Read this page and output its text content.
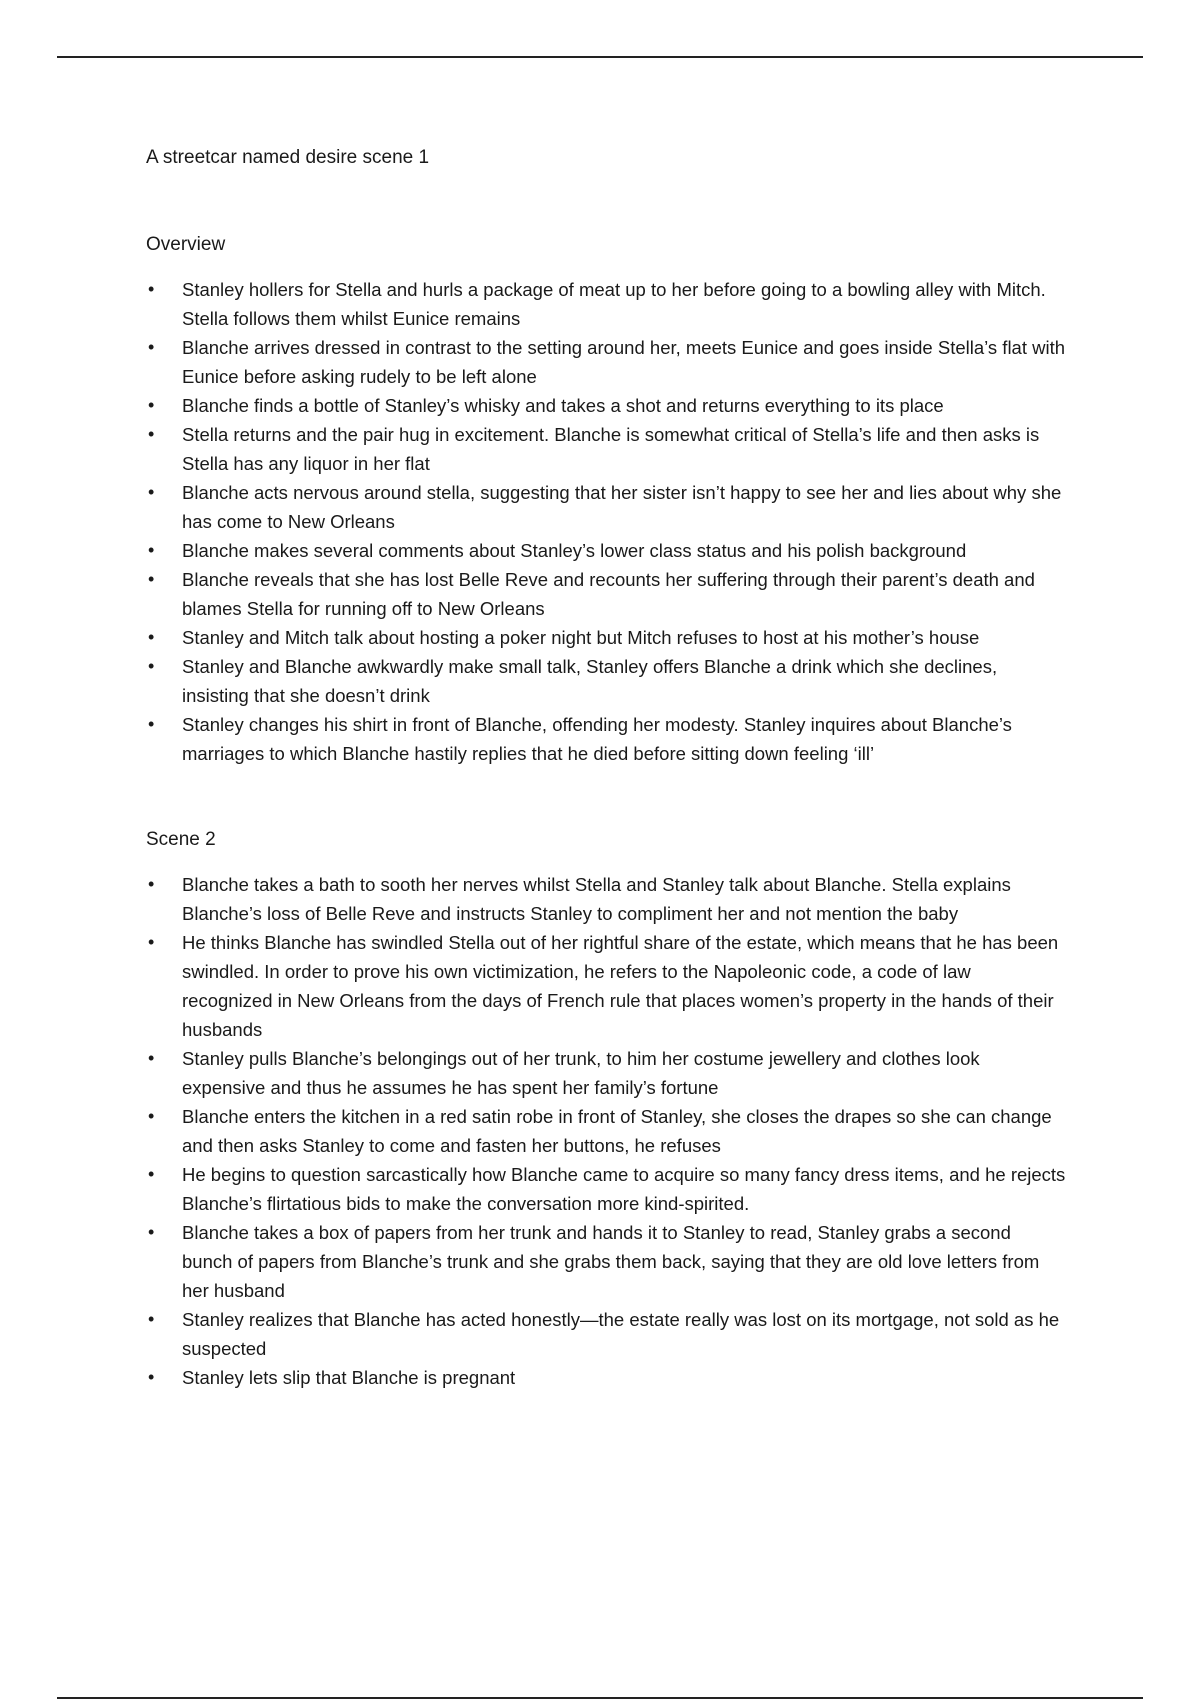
A streetcar named desire scene 1
Overview
• Stanley hollers for Stella and hurls a package of meat up to her before going to a bowling alley with Mitch. Stella follows them whilst Eunice remains
• Blanche arrives dressed in contrast to the setting around her, meets Eunice and goes inside Stella’s flat with Eunice before asking rudely to be left alone
• Blanche finds a bottle of Stanley’s whisky and takes a shot and returns everything to its place
• Stella returns and the pair hug in excitement. Blanche is somewhat critical of Stella’s life and then asks is Stella has any liquor in her flat
• Blanche acts nervous around stella, suggesting that her sister isn’t happy to see her and lies about why she has come to New Orleans
• Blanche makes several comments about Stanley’s lower class status and his polish background
• Blanche reveals that she has lost Belle Reve and recounts her suffering through their parent’s death and blames Stella for running off to New Orleans
• Stanley and Mitch talk about hosting a poker night but Mitch refuses to host at his mother’s house
• Stanley and Blanche awkwardly make small talk, Stanley offers Blanche a drink which she declines, insisting that she doesn’t drink
• Stanley changes his shirt in front of Blanche, offending her modesty. Stanley inquires about Blanche’s marriages to which Blanche hastily replies that he died before sitting down feeling ‘ill’
Scene 2
• Blanche takes a bath to sooth her nerves whilst Stella and Stanley talk about Blanche. Stella explains Blanche’s loss of Belle Reve and instructs Stanley to compliment her and not mention the baby
• He thinks Blanche has swindled Stella out of her rightful share of the estate, which means that he has been swindled. In order to prove his own victimization, he refers to the Napoleonic code, a code of law recognized in New Orleans from the days of French rule that places women’s property in the hands of their husbands
• Stanley pulls Blanche’s belongings out of her trunk, to him her costume jewellery and clothes look expensive and thus he assumes he has spent her family’s fortune
• Blanche enters the kitchen in a red satin robe in front of Stanley, she closes the drapes so she can change and then asks Stanley to come and fasten her buttons, he refuses
• He begins to question sarcastically how Blanche came to acquire so many fancy dress items, and he rejects Blanche’s flirtatious bids to make the conversation more kind-spirited.
• Blanche takes a box of papers from her trunk and hands it to Stanley to read, Stanley grabs a second bunch of papers from Blanche’s trunk and she grabs them back, saying that they are old love letters from her husband
• Stanley realizes that Blanche has acted honestly—the estate really was lost on its mortgage, not sold as he suspected
• Stanley lets slip that Blanche is pregnant
